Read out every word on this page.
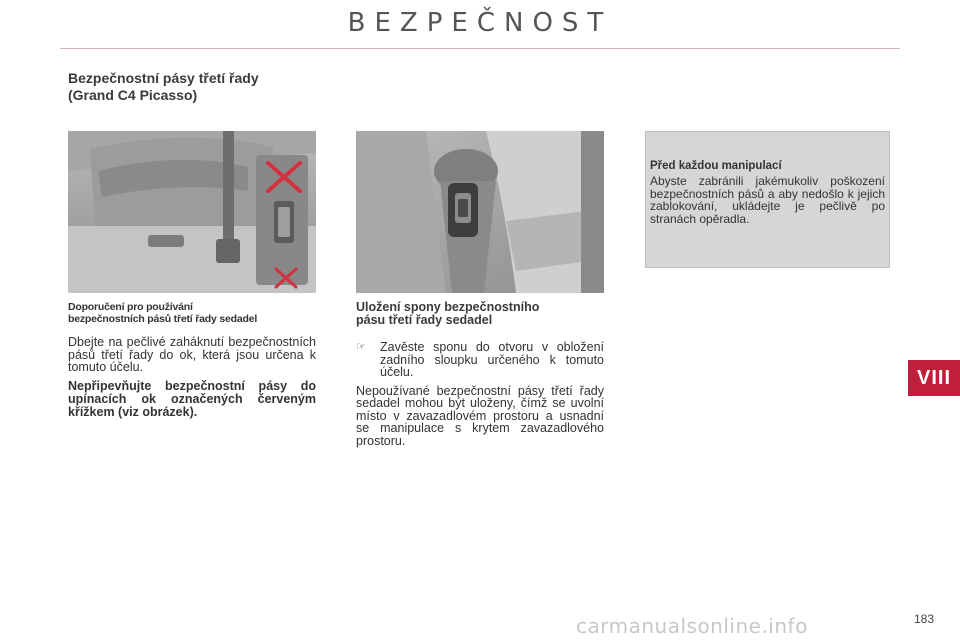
BEZPEČNOST
Bezpečnostní pásy třetí řady
(Grand C4 Picasso)
Před každou manipulací
Abyste zabránili jakémukoliv poškození bezpečnostních pásů a aby nedošlo k jejich zablokování, ukládejte je pečlivě po stranách opěradla.
Doporučení pro používání
bezpečnostních pásů třetí řady sedadel

Dbejte na pečlivé zaháknutí bezpečnostních pásů třetí řady do ok, která jsou určena k tomuto účelu.

Nepřipevňujte bezpečnostní pásy do upínacích ok označených červeným křížkem (viz obrázek).

Uložení spony bezpečnostního
pásu třetí řady sedadel
☞	Zavěste sponu do otvoru v obložení zadního sloupku určeného k tomuto účelu.

Nepoužívané bezpečnostní pásy třetí řady sedadel mohou být uloženy, čímž se uvolní místo v zavazadlovém prostoru a usnadní se manipulace s krytem zavazadlového prostoru.

VIII
carmanualsonline.info	183
